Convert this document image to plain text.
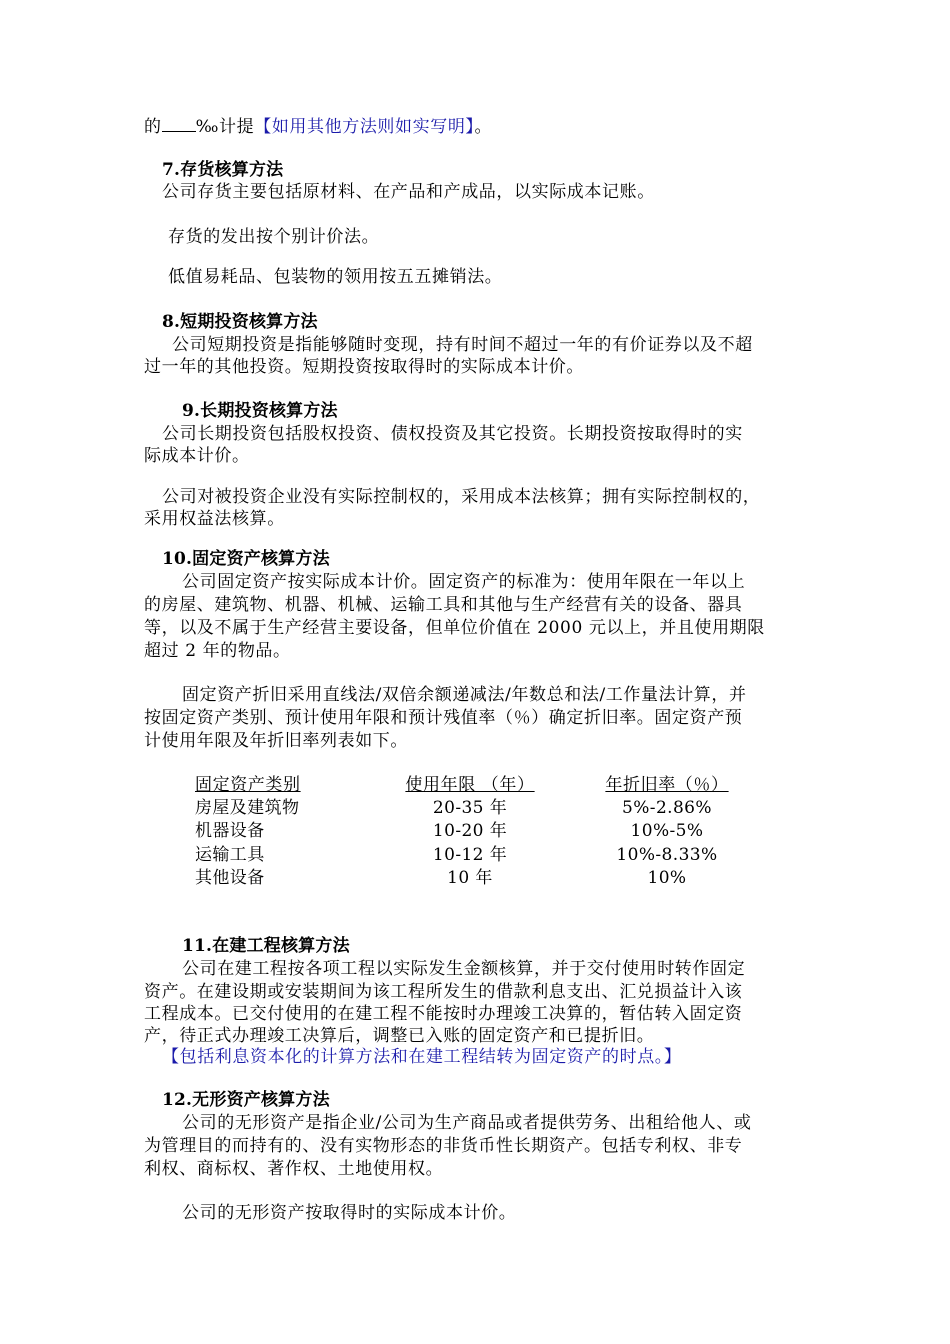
的 ‰计提【如用其他方法则如实写明】。
7.存货核算方法
公司存货主要包括原材料、在产品和产成品，以实际成本记账。
存货的发出按个别计价法。
低值易耗品、包装物的领用按五五摊销法。
8.短期投资核算方法
公司短期投资是指能够随时变现，持有时间不超过一年的有价证券以及不超
过一年的其他投资。短期投资按取得时的实际成本计价。
9.长期投资核算方法
公司长期投资包括股权投资、债权投资及其它投资。长期投资按取得时的实
际成本计价。
公司对被投资企业没有实际控制权的，采用成本法核算；拥有实际控制权的，
采用权益法核算。
10.固定资产核算方法
公司固定资产按实际成本计价。固定资产的标准为：使用年限在一年以上
的房屋、建筑物、机器、机械、运输工具和其他与生产经营有关的设备、器具
等，以及不属于生产经营主要设备，但单位价值在 2000 元以上，并且使用期限
超过 2 年的物品。
固定资产折旧采用直线法/双倍余额递减法/年数总和法/工作量法计算，并
按固定资产类别、预计使用年限和预计残值率（％）确定折旧率。固定资产预
计使用年限及年折旧率列表如下。
固定资产类别	使用年限 （年）	年折旧率（％）
房屋及建筑物	20-35 年	5%-2.86%
机器设备	10-20 年	10%-5%
运输工具	10-12 年	10%-8.33%
其他设备	10 年	10%
11.在建工程核算方法
公司在建工程按各项工程以实际发生金额核算，并于交付使用时转作固定
资产。在建设期或安装期间为该工程所发生的借款利息支出、汇兑损益计入该
工程成本。已交付使用的在建工程不能按时办理竣工决算的，暂估转入固定资
产，待正式办理竣工决算后，调整已入账的固定资产和已提折旧。
【包括利息资本化的计算方法和在建工程结转为固定资产的时点。】
12.无形资产核算方法
公司的无形资产是指企业/公司为生产商品或者提供劳务、出租给他人、或
为管理目的而持有的、没有实物形态的非货币性长期资产。包括专利权、非专
利权、商标权、著作权、土地使用权。
公司的无形资产按取得时的实际成本计价。
